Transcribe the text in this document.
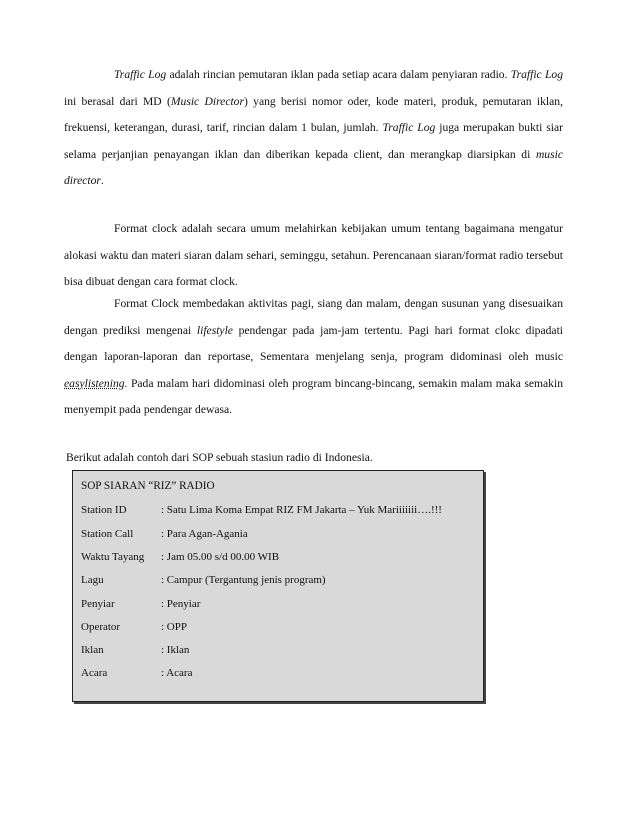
Traffic Log adalah rincian pemutaran iklan pada setiap acara dalam penyiaran radio. Traffic Log ini berasal dari MD (Music Director) yang berisi nomor oder, kode materi, produk, pemutaran iklan, frekuensi, keterangan, durasi, tarif, rincian dalam 1 bulan, jumlah. Traffic Log juga merupakan bukti siar selama perjanjian penayangan iklan dan diberikan kepada client, dan merangkap diarsipkan di music director.

Format clock adalah secara umum melahirkan kebijakan umum tentang bagaimana mengatur alokasi waktu dan materi siaran dalam sehari, seminggu, setahun. Perencanaan siaran/format radio tersebut bisa dibuat dengan cara format clock.

Format Clock membedakan aktivitas pagi, siang dan malam, dengan susunan yang disesuaikan dengan prediksi mengenai lifestyle pendengar pada jam-jam tertentu. Pagi hari format clokc dipadati dengan laporan-laporan dan reportase, Sementara menjelang senja, program didominasi oleh music easylistening. Pada malam hari didominasi oleh program bincang-bincang, semakin malam maka semakin menyempit pada pendengar dewasa.

Berikut adalah contoh dari SOP sebuah stasiun radio di Indonesia.

SOP SIARAN “RIZ” RADIO
Station ID	: Satu Lima Koma Empat RIZ FM Jakarta – Yuk Mariiiiiii….!!!
Station Call	: Para Agan-Agania
Waktu Tayang : Jam 05.00 s/d 00.00 WIB
Lagu	: Campur (Tergantung jenis program)
Penyiar	: Penyiar
Operator	: OPP
Iklan	: Iklan
Acara	: Acara
